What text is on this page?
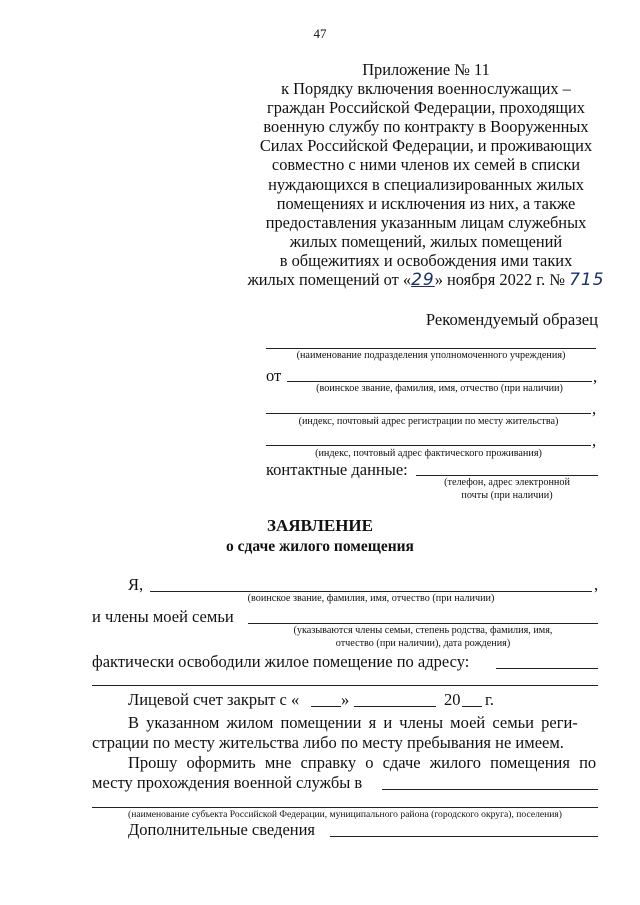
47
Приложение № 11
к Порядку включения военнослужащих –
граждан Российской Федерации, проходящих
военную службу по контракту в Вооруженных
Силах Российской Федерации, и проживающих
совместно с ними членов их семей в списки
нуждающихся в специализированных жилых
помещениях и исключения из них, а также
предоставления указанным лицам служебных
жилых помещений, жилых помещений
в общежитиях и освобождения ими таких
жилых помещений от «29» ноября 2022 г. № 715
Рекомендуемый образец
(наименование подразделения уполномоченного учреждения)
от	,
(воинское звание, фамилия, имя, отчество (при наличии)
,
(индекс, почтовый адрес регистрации по месту жительства)
,
(индекс, почтовый адрес фактического проживания)
контактные данные:
(телефон, адрес электронной
почты (при наличии)
ЗАЯВЛЕНИЕ
о сдаче жилого помещения
Я,	,
(воинское звание, фамилия, имя, отчество (при наличии)
и члены моей семьи
(указываются члены семьи, степень родства, фамилия, имя,
отчество (при наличии), дата рождения)
фактически освободили жилое помещение по адресу:
Лицевой счет закрыт с «	»	20 г.
В указанном жилом помещении я и члены моей семьи реги-
страции по месту жительства либо по месту пребывания не имеем.
Прошу оформить мне справку о сдаче жилого помещения по
месту прохождения военной службы в
(наименование субъекта Российской Федерации, муниципального района (городского округа), поселения)
Дополнительные сведения
